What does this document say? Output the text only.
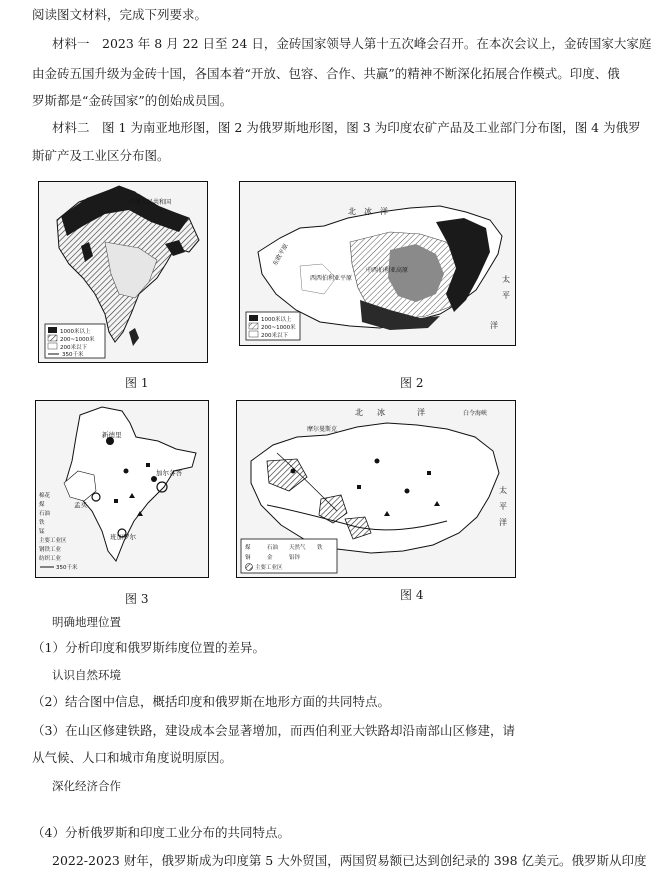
阅读图文材料，完成下列要求。
材料一　2023 年 8 月 22 日至 24 日，金砖国家领导人第十五次峰会召开。在本次会议上，金砖国家大家庭
由金砖五国升级为金砖十国，各国本着“开放、包容、合作、共赢”的精神不断深化拓展合作模式。印度、俄
罗斯都是“金砖国家”的创始成员国。
材料二　图 1 为南亚地形图，图 2 为俄罗斯地形图，图 3 为印度农矿产品及工业部门分布图，图 4 为俄罗
斯矿产及工业区分布图。
中华人民共和国
1000米以上
200~1000米
200米以下
350千米
图 1
北 冰 洋
太
平
洋
东欧平原
西西伯利亚平原
中西伯利亚高原
1000米以上
200~1000米
200米以下
图 2
新德里
加尔各答
孟买
班加罗尔
棉花
煤
石油
铁
锰
主要工业区
钢铁工业
纺织工业
350千米
图 3
摩尔曼斯克
北 冰	洋	白令海峡
太
平
洋
煤	石油 天然气 铁
铜	金	铝锌
主要工业区
图 4
明确地理位置
（1）分析印度和俄罗斯纬度位置的差异。
认识自然环境
（2）结合图中信息，概括印度和俄罗斯在地形方面的共同特点。
（3）在山区修建铁路，建设成本会显著增加，而西伯利亚大铁路却沿南部山区修建，请
从气候、人口和城市角度说明原因。
深化经济合作
（4）分析俄罗斯和印度工业分布的共同特点。
2022-2023 财年，俄罗斯成为印度第 5 大外贸国，两国贸易额已达到创纪录的 398 亿美元。俄罗斯从印度
